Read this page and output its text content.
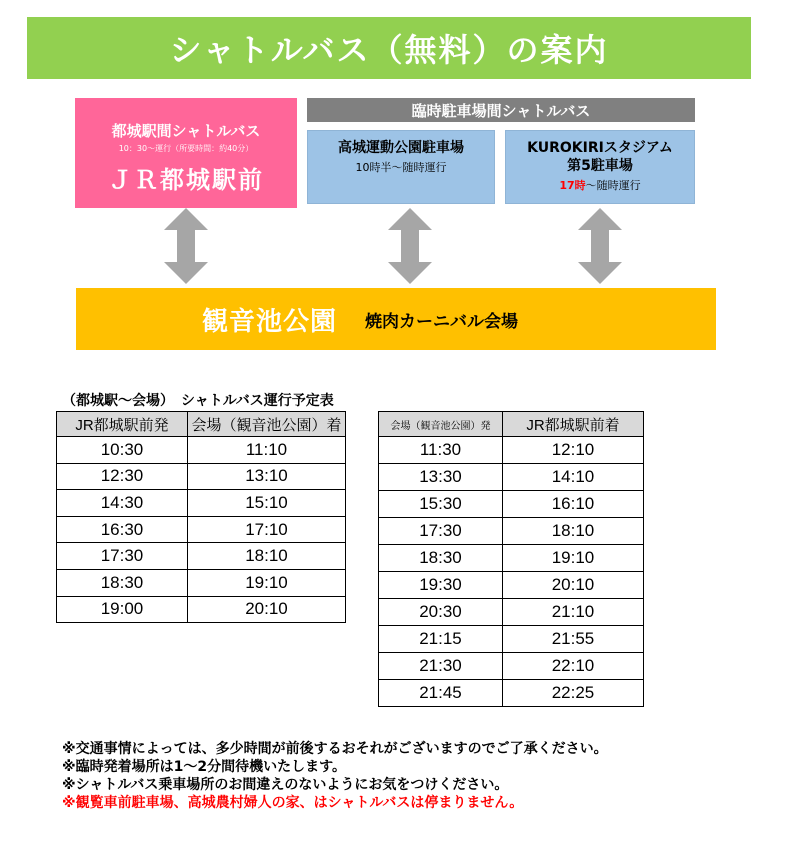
シャトルバス（無料）の案内
都城駅間シャトルバス
10：30～運行（所要時間：約40分）
ＪＲ都城駅前
臨時駐車場間シャトルバス
高城運動公園駐車場
10時半～随時運行
KUROKIRIスタジアム
第5駐車場
17時～随時運行
観音池公園 焼肉カーニバル会場
（都城駅～会場）　シャトルバス運行予定表
JR都城駅前発	会場（観音池公園）着
10:30	11:10
12:30	13:10
14:30	15:10
16:30	17:10
17:30	18:10
18:30	19:10
19:00	20:10
会場（観音池公園）発	JR都城駅前着
11:30	12:10
13:30	14:10
15:30	16:10
17:30	18:10
18:30	19:10
19:30	20:10
20:30	21:10
21:15	21:55
21:30	22:10
21:45	22:25
※交通事情によっては、多少時間が前後するおそれがございますのでご了承ください。
※臨時発着場所は1～2分間待機いたします。
※シャトルバス乗車場所のお間違えのないようにお気をつけください。
※観覧車前駐車場、高城農村婦人の家、はシャトルバスは停まりません。
